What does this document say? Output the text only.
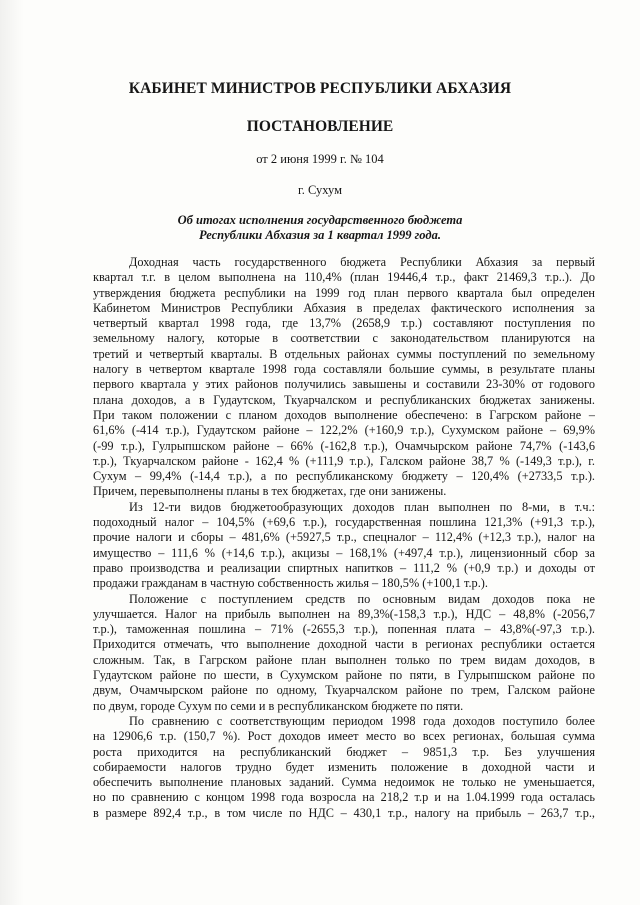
КАБИНЕТ МИНИСТРОВ РЕСПУБЛИКИ АБХАЗИЯ
ПОСТАНОВЛЕНИЕ
от 2 июня 1999 г. № 104
г. Сухум
Об итогах исполнения государственного бюджета
Республики Абхазия за 1 квартал 1999 года.
Доходная часть государственного бюджета Республики Абхазия за первый
квартал т.г. в целом выполнена на 110,4% (план 19446,4 т.р., факт 21469,3 т.р..). До
утверждения бюджета республики на 1999 год план первого квартала был определен
Кабинетом Министров Республики Абхазия в пределах фактического исполнения за
четвертый квартал 1998 года, где 13,7% (2658,9 т.р.) составляют поступления по
земельному налогу, которые в соответствии с законодательством планируются на
третий и четвертый кварталы. В отдельных районах суммы поступлений по земельному
налогу в четвертом квартале 1998 года составляли большие суммы, в результате планы
первого квартала у этих районов получились завышены и составили 23-30% от годового
плана доходов, а в Гудаутском, Ткуарчалском и республиканских бюджетах занижены.
При таком положении с планом доходов выполнение обеспечено: в Гагрском районе –
61,6% (-414 т.р.), Гудаутском районе – 122,2% (+160,9 т.р.), Сухумском районе – 69,9%
(-99 т.р.), Гулрыпшском районе – 66% (-162,8 т.р.), Очамчырском районе 74,7% (-143,6
т.р.), Ткуарчалском районе - 162,4 % (+111,9 т.р.), Галском районе 38,7 % (-149,3 т.р.), г.
Сухум – 99,4% (-14,4 т.р.), а по республиканскому бюджету – 120,4% (+2733,5 т.р.).
Причем, перевыполнены планы в тех бюджетах, где они занижены.
Из 12-ти видов бюджетообразующих доходов план выполнен по 8-ми, в т.ч.:
подоходный налог – 104,5% (+69,6 т.р.), государственная пошлина 121,3% (+91,3 т.р.),
прочие налоги и сборы – 481,6% (+5927,5 т.р., спецналог – 112,4% (+12,3 т.р.), налог на
имущество – 111,6 % (+14,6 т.р.), акцизы – 168,1% (+497,4 т.р.), лицензионный сбор за
право производства и реализации спиртных напитков – 111,2 % (+0,9 т.р.) и доходы от
продажи гражданам в частную собственность жилья – 180,5% (+100,1 т.р.).
Положение с поступлением средств по основным видам доходов пока не
улучшается. Налог на прибыль выполнен на 89,3%(-158,3 т.р.), НДС – 48,8% (-2056,7
т.р.), таможенная пошлина – 71% (-2655,3 т.р.), попенная плата – 43,8%(-97,3 т.р.).
Приходится отмечать, что выполнение доходной части в регионах республики остается
сложным. Так, в Гагрском районе план выполнен только по трем видам доходов, в
Гудаутском районе по шести, в Сухумском районе по пяти, в Гулрыпшском районе по
двум, Очамчырском районе по одному, Ткуарчалском районе по трем, Галском районе
по двум, городе Сухум по семи и в республиканском бюджете по пяти.
По сравнению с соответствующим периодом 1998 года доходов поступило более
на 12906,6 т.р. (150,7 %). Рост доходов имеет место во всех регионах, большая сумма
роста приходится на республиканский бюджет – 9851,3 т.р. Без улучшения
собираемости налогов трудно будет изменить положение в доходной части и
обеспечить выполнение плановых заданий. Сумма недоимок не только не уменьшается,
но по сравнению с концом 1998 года возросла на 218,2 т.р и на 1.04.1999 года осталась
в размере 892,4 т.р., в том числе по НДС – 430,1 т.р., налогу на прибыль – 263,7 т.р.,
